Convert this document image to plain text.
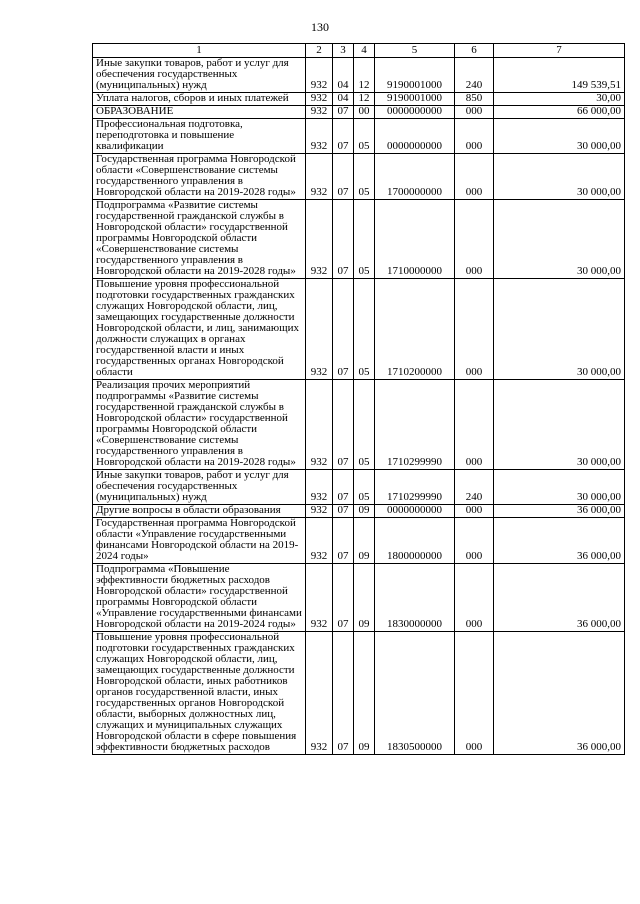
130
1	2	3	4	5	6	7
Иные закупки товаров, работ и услуг для обеспечения государственных (муниципальных) нужд	932	04	12	9190001000	240	149 539,51
Уплата налогов, сборов и иных платежей	932	04	12	9190001000	850	30,00
ОБРАЗОВАНИЕ	932	07	00	0000000000	000	66 000,00
Профессиональная подготовка, переподготовка и повышение квалификации	932	07	05	0000000000	000	30 000,00
Государственная программа Новгородской области «Совершенствование системы государственного управления в Новгородской области на 2019-2028 годы»	932	07	05	1700000000	000	30 000,00
Подпрограмма «Развитие системы государственной гражданской службы в Новгородской области» государственной программы Новгородской области «Совершенствование системы государственного управления в Новгородской области на 2019-2028 годы»	932	07	05	1710000000	000	30 000,00
Повышение уровня профессиональной подготовки государственных гражданских служащих Новгородской области, лиц, замещающих государственные должности Новгородской области, и лиц, занимающих должности служащих в органах государственной власти и иных государственных органах Новгородской области	932	07	05	1710200000	000	30 000,00
Реализация прочих мероприятий подпрограммы «Развитие системы государственной гражданской службы в Новгородской области» государственной программы Новгородской области «Совершенствование системы государственного управления в Новгородской области на 2019-2028 годы»	932	07	05	1710299990	000	30 000,00
Иные закупки товаров, работ и услуг для обеспечения государственных (муниципальных) нужд	932	07	05	1710299990	240	30 000,00
Другие вопросы в области образования	932	07	09	0000000000	000	36 000,00
Государственная программа Новгородской области «Управление государственными финансами Новгородской области на 2019-2024 годы»	932	07	09	1800000000	000	36 000,00
Подпрограмма «Повышение эффективности бюджетных расходов Новгородской области» государственной программы Новгородской области «Управление государственными финансами Новгородской области на 2019-2024 годы»	932	07	09	1830000000	000	36 000,00
Повышение уровня профессиональной подготовки государственных гражданских служащих Новгородской области, лиц, замещающих государственные должности Новгородской области, иных работников органов государственной власти, иных государственных органов Новгородской области, выборных должностных лиц, служащих и муниципальных служащих Новгородской области в сфере повышения эффективности бюджетных расходов	932	07	09	1830500000	000	36 000,00
